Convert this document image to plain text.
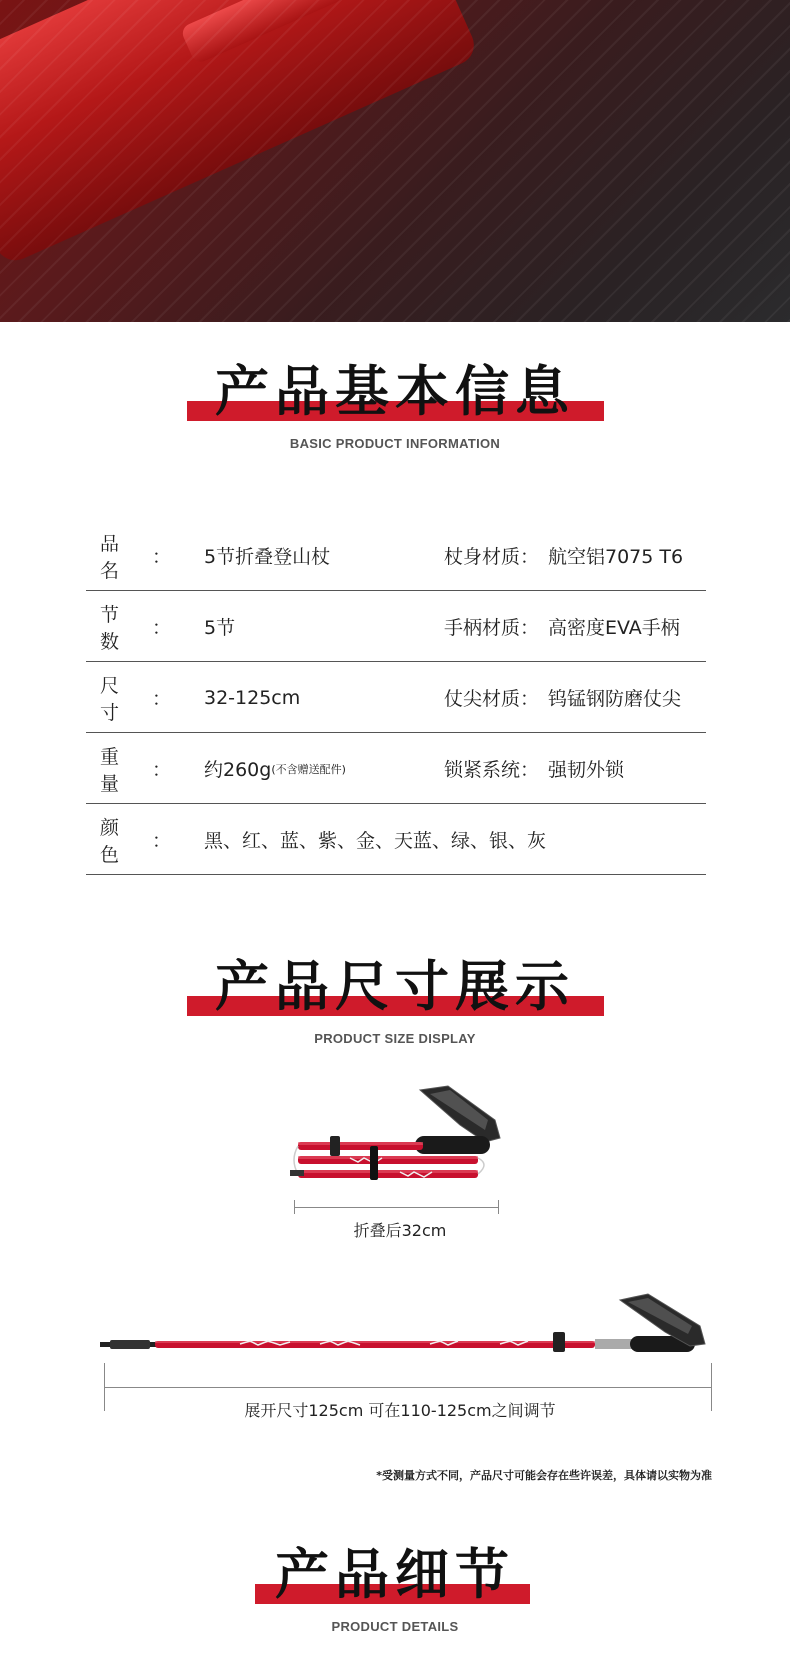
产品基本信息
BASIC PRODUCT INFORMATION
品名
： 5节折叠登山杖	杖身材质： 航空铝7075 T6
节数
： 5节	手柄材质： 高密度EVA手柄
尺寸
： 32-125cm	仗尖材质： 钨锰钢防磨仗尖
重量
： 约260g (不含赠送配件)	锁紧系统： 强韧外锁
颜色
： 黑、红、蓝、紫、金、天蓝、绿、银、灰
产品尺寸展示
PRODUCT SIZE DISPLAY
折叠后32cm
展开尺寸125cm 可在110-125cm之间调节
*受测量方式不同，产品尺寸可能会存在些许误差，具体请以实物为准
产品细节
PRODUCT DETAILS
